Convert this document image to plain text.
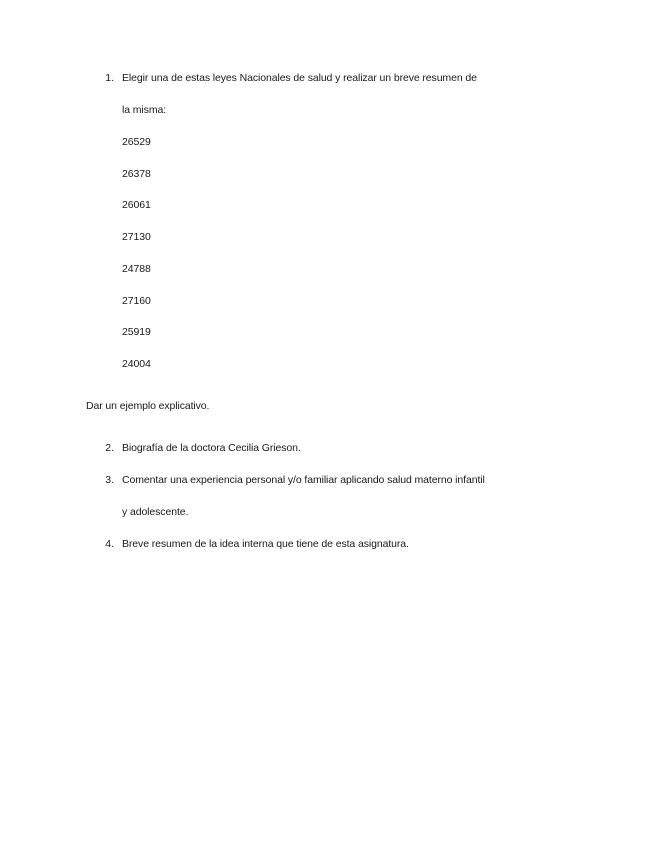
1. Elegir una de estas leyes Nacionales de salud y realizar un breve resumen de
la misma:
26529
26378
26061
27130
24788
27160
25919
24004
Dar un ejemplo explicativo.
2. Biografía de la doctora Cecilia Grieson.
3. Comentar una experiencia personal y/o familiar aplicando salud materno infantil
y adolescente.
4. Breve resumen de la idea interna que tiene de esta asignatura.
